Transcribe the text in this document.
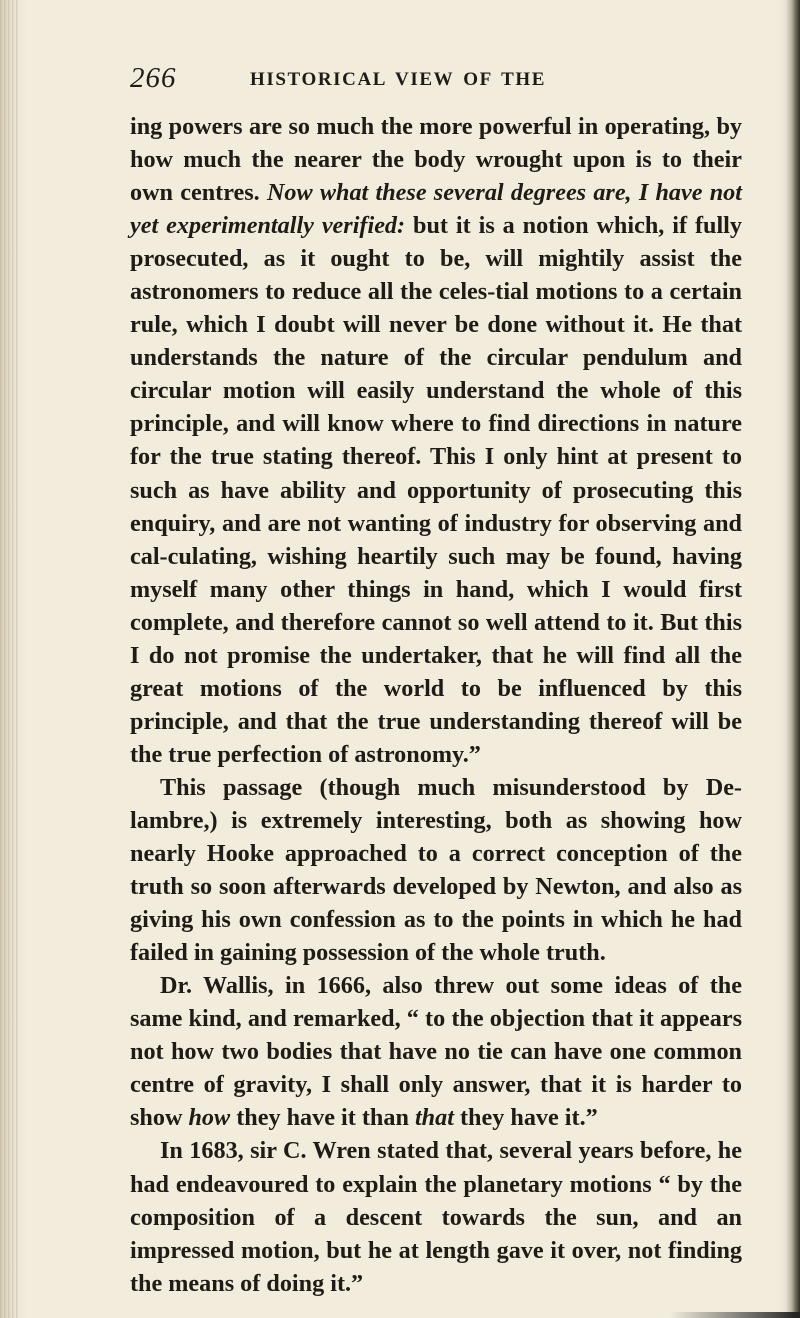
266	HISTORICAL VIEW OF THE

ing powers are so much the more powerful in operating, by how much the nearer the body wrought upon is to their own centres. Now what these several degrees are, I have not yet experimentally verified: but it is a notion which, if fully prosecuted, as it ought to be, will mightily assist the astronomers to reduce all the celes-tial motions to a certain rule, which I doubt will never be done without it. He that understands the nature of the circular pendulum and circular motion will easily understand the whole of this principle, and will know where to find directions in nature for the true stating thereof. This I only hint at present to such as have ability and opportunity of prosecuting this enquiry, and are not wanting of industry for observing and cal-culating, wishing heartily such may be found, having myself many other things in hand, which I would first complete, and therefore cannot so well attend to it. But this I do not promise the undertaker, that he will find all the great motions of the world to be influenced by this principle, and that the true understanding thereof will be the true perfection of astronomy.”

This passage (though much misunderstood by De-lambre,) is extremely interesting, both as showing how nearly Hooke approached to a correct conception of the truth so soon afterwards developed by Newton, and also as giving his own confession as to the points in which he had failed in gaining possession of the whole truth.

Dr. Wallis, in 1666, also threw out some ideas of the same kind, and remarked, “ to the objection that it appears not how two bodies that have no tie can have one common centre of gravity, I shall only answer, that it is harder to show how they have it than that they have it.”

In 1683, sir C. Wren stated that, several years before, he had endeavoured to explain the planetary motions “ by the composition of a descent towards the sun, and an impressed motion, but he at length gave it over, not finding the means of doing it.”
